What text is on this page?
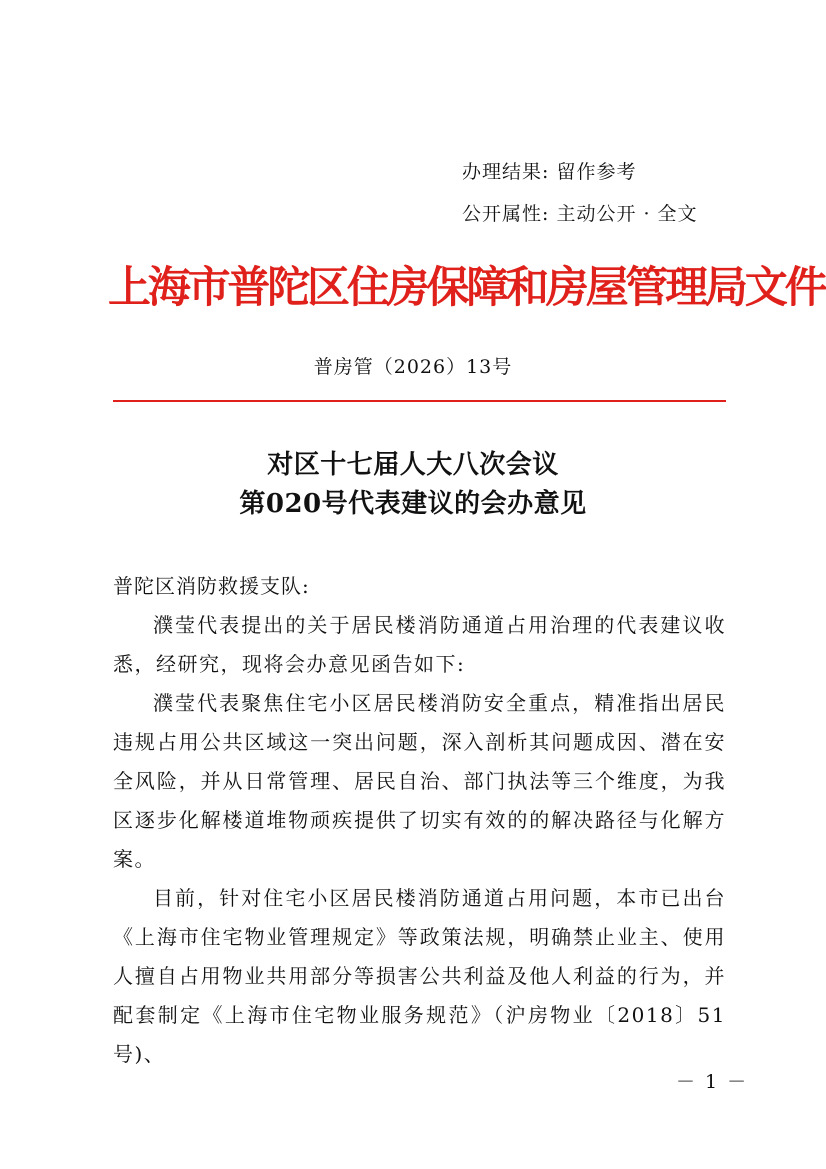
办理结果: 留作参考
公开属性: 主动公开 · 全文
上海市普陀区住房保障和房屋管理局文件
普房管（2026）13号
对区十七届人大八次会议
第020号代表建议的会办意见
普陀区消防救援支队:

濮莹代表提出的关于居民楼消防通道占用治理的代表建议收悉，经研究，现将会办意见函告如下:

濮莹代表聚焦住宅小区居民楼消防安全重点，精准指出居民违规占用公共区域这一突出问题，深入剖析其问题成因、潜在安全风险，并从日常管理、居民自治、部门执法等三个维度，为我区逐步化解楼道堆物顽疾提供了切实有效的的解决路径与化解方案。

目前，针对住宅小区居民楼消防通道占用问题，本市已出台《上海市住宅物业管理规定》等政策法规，明确禁止业主、使用人擅自占用物业共用部分等损害公共利益及他人利益的行为，并配套制定《上海市住宅物业服务规范》（沪房物业〔2018〕51号)、

－ 1 －
